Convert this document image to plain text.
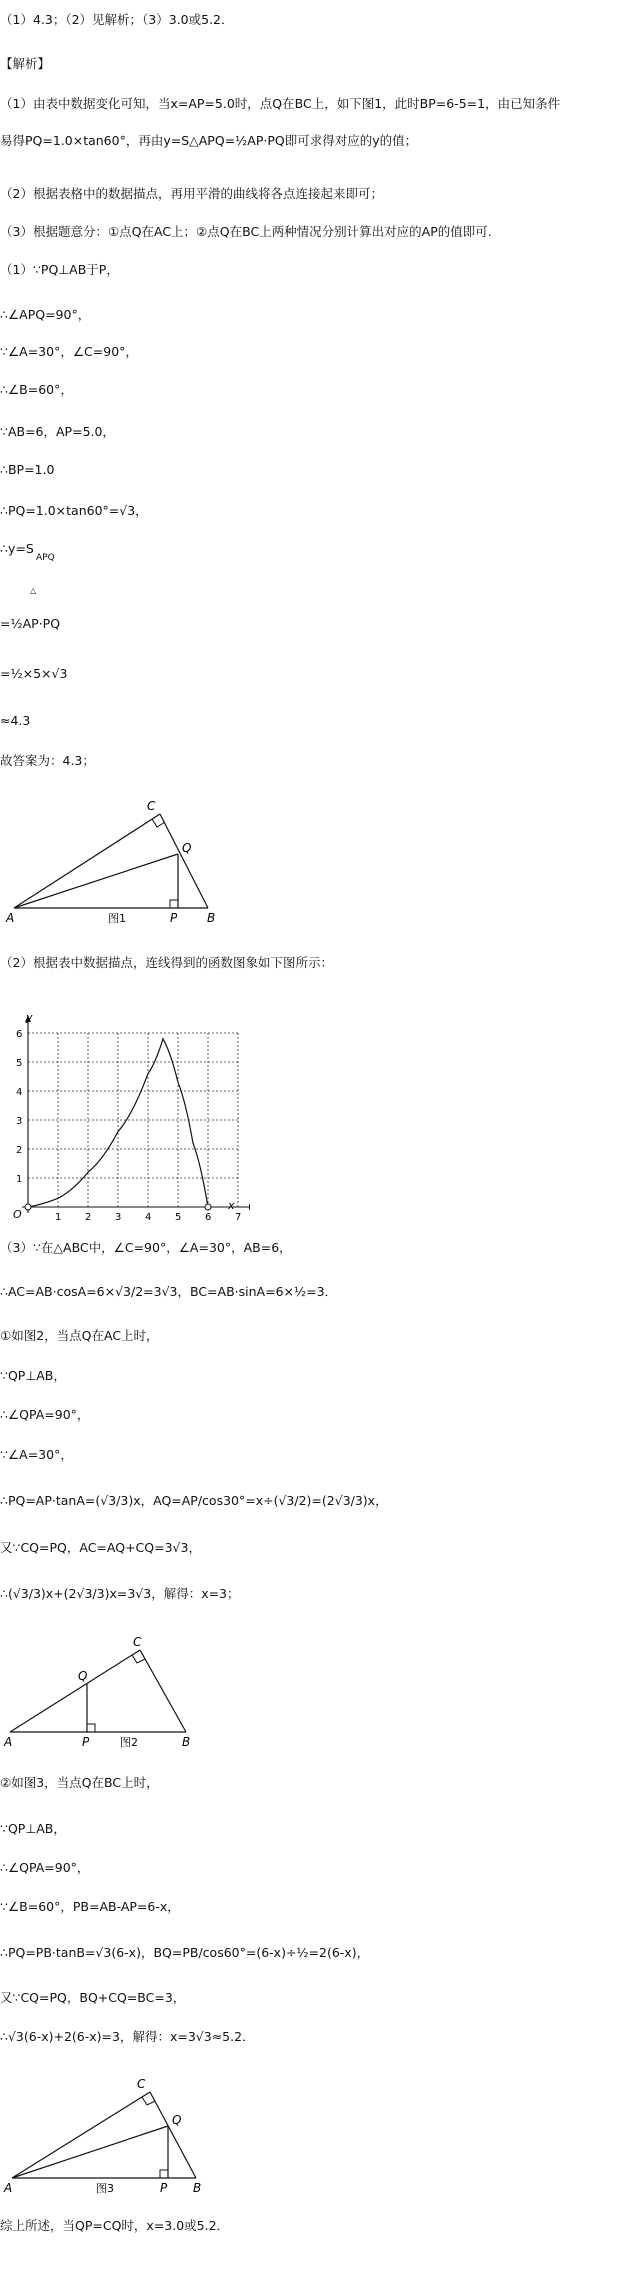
（1）4.3；（2）见解析；（3）3.0或5.2．
【解析】
（1）由表中数据变化可知，当x=AP=5.0时，点Q在BC上，如下图1，此时BP=6-5=1，由已知条件
易得PQ=1.0×tan60°，再由y=S△APQ=½AP·PQ即可求得对应的y的值；
（2）根据表格中的数据描点，再用平滑的曲线将各点连接起来即可；
（3）根据题意分：①点Q在AC上；②点Q在BC上两种情况分别计算出对应的AP的值即可.
（1）∵PQ⊥AB于P，
∴∠APQ=90°，
∵∠A=30°，∠C=90°，
∴∠B=60°，
∵AB=6，AP=5.0，
∴BP=1.0
∴PQ=1.0×tan60°=√3，
∴y=S
APQ
△
=½AP·PQ
=½×5×√3
≈4.3
故答案为：4.3；
A	B
C
P
Q
图1
（2）根据表中数据描点，连线得到的函数图象如下图所示：
1 2 3 4 5 6 7
1
2
3
4
5
6
x
y
O
（3）∵在△ABC中，∠C=90°，∠A=30°，AB=6，
∴AC=AB·cosA=6×√3/2=3√3，BC=AB·sinA=6×½=3．
①如图2，当点Q在AC上时，
∵QP⊥AB，
∴∠QPA=90°，
∵∠A=30°，
∴PQ=AP·tanA=(√3/3)x，AQ=AP/cos30°=x÷(√3/2)=(2√3/3)x，
又∵CQ=PQ，AC=AQ+CQ=3√3，
∴(√3/3)x+(2√3/3)x=3√3，解得：x=3；
A	B
C
P
Q
图2
②如图3，当点Q在BC上时，
∵QP⊥AB，
∴∠QPA=90°，
∵∠B=60°，PB=AB-AP=6-x，
∴PQ=PB·tanB=√3(6-x)，BQ=PB/cos60°=(6-x)÷½=2(6-x)，
又∵CQ=PQ，BQ+CQ=BC=3，
∴√3(6-x)+2(6-x)=3，解得：x=3√3≈5.2．
A	B
C
P
Q
图3
综上所述，当QP=CQ时，x=3.0或5.2．
